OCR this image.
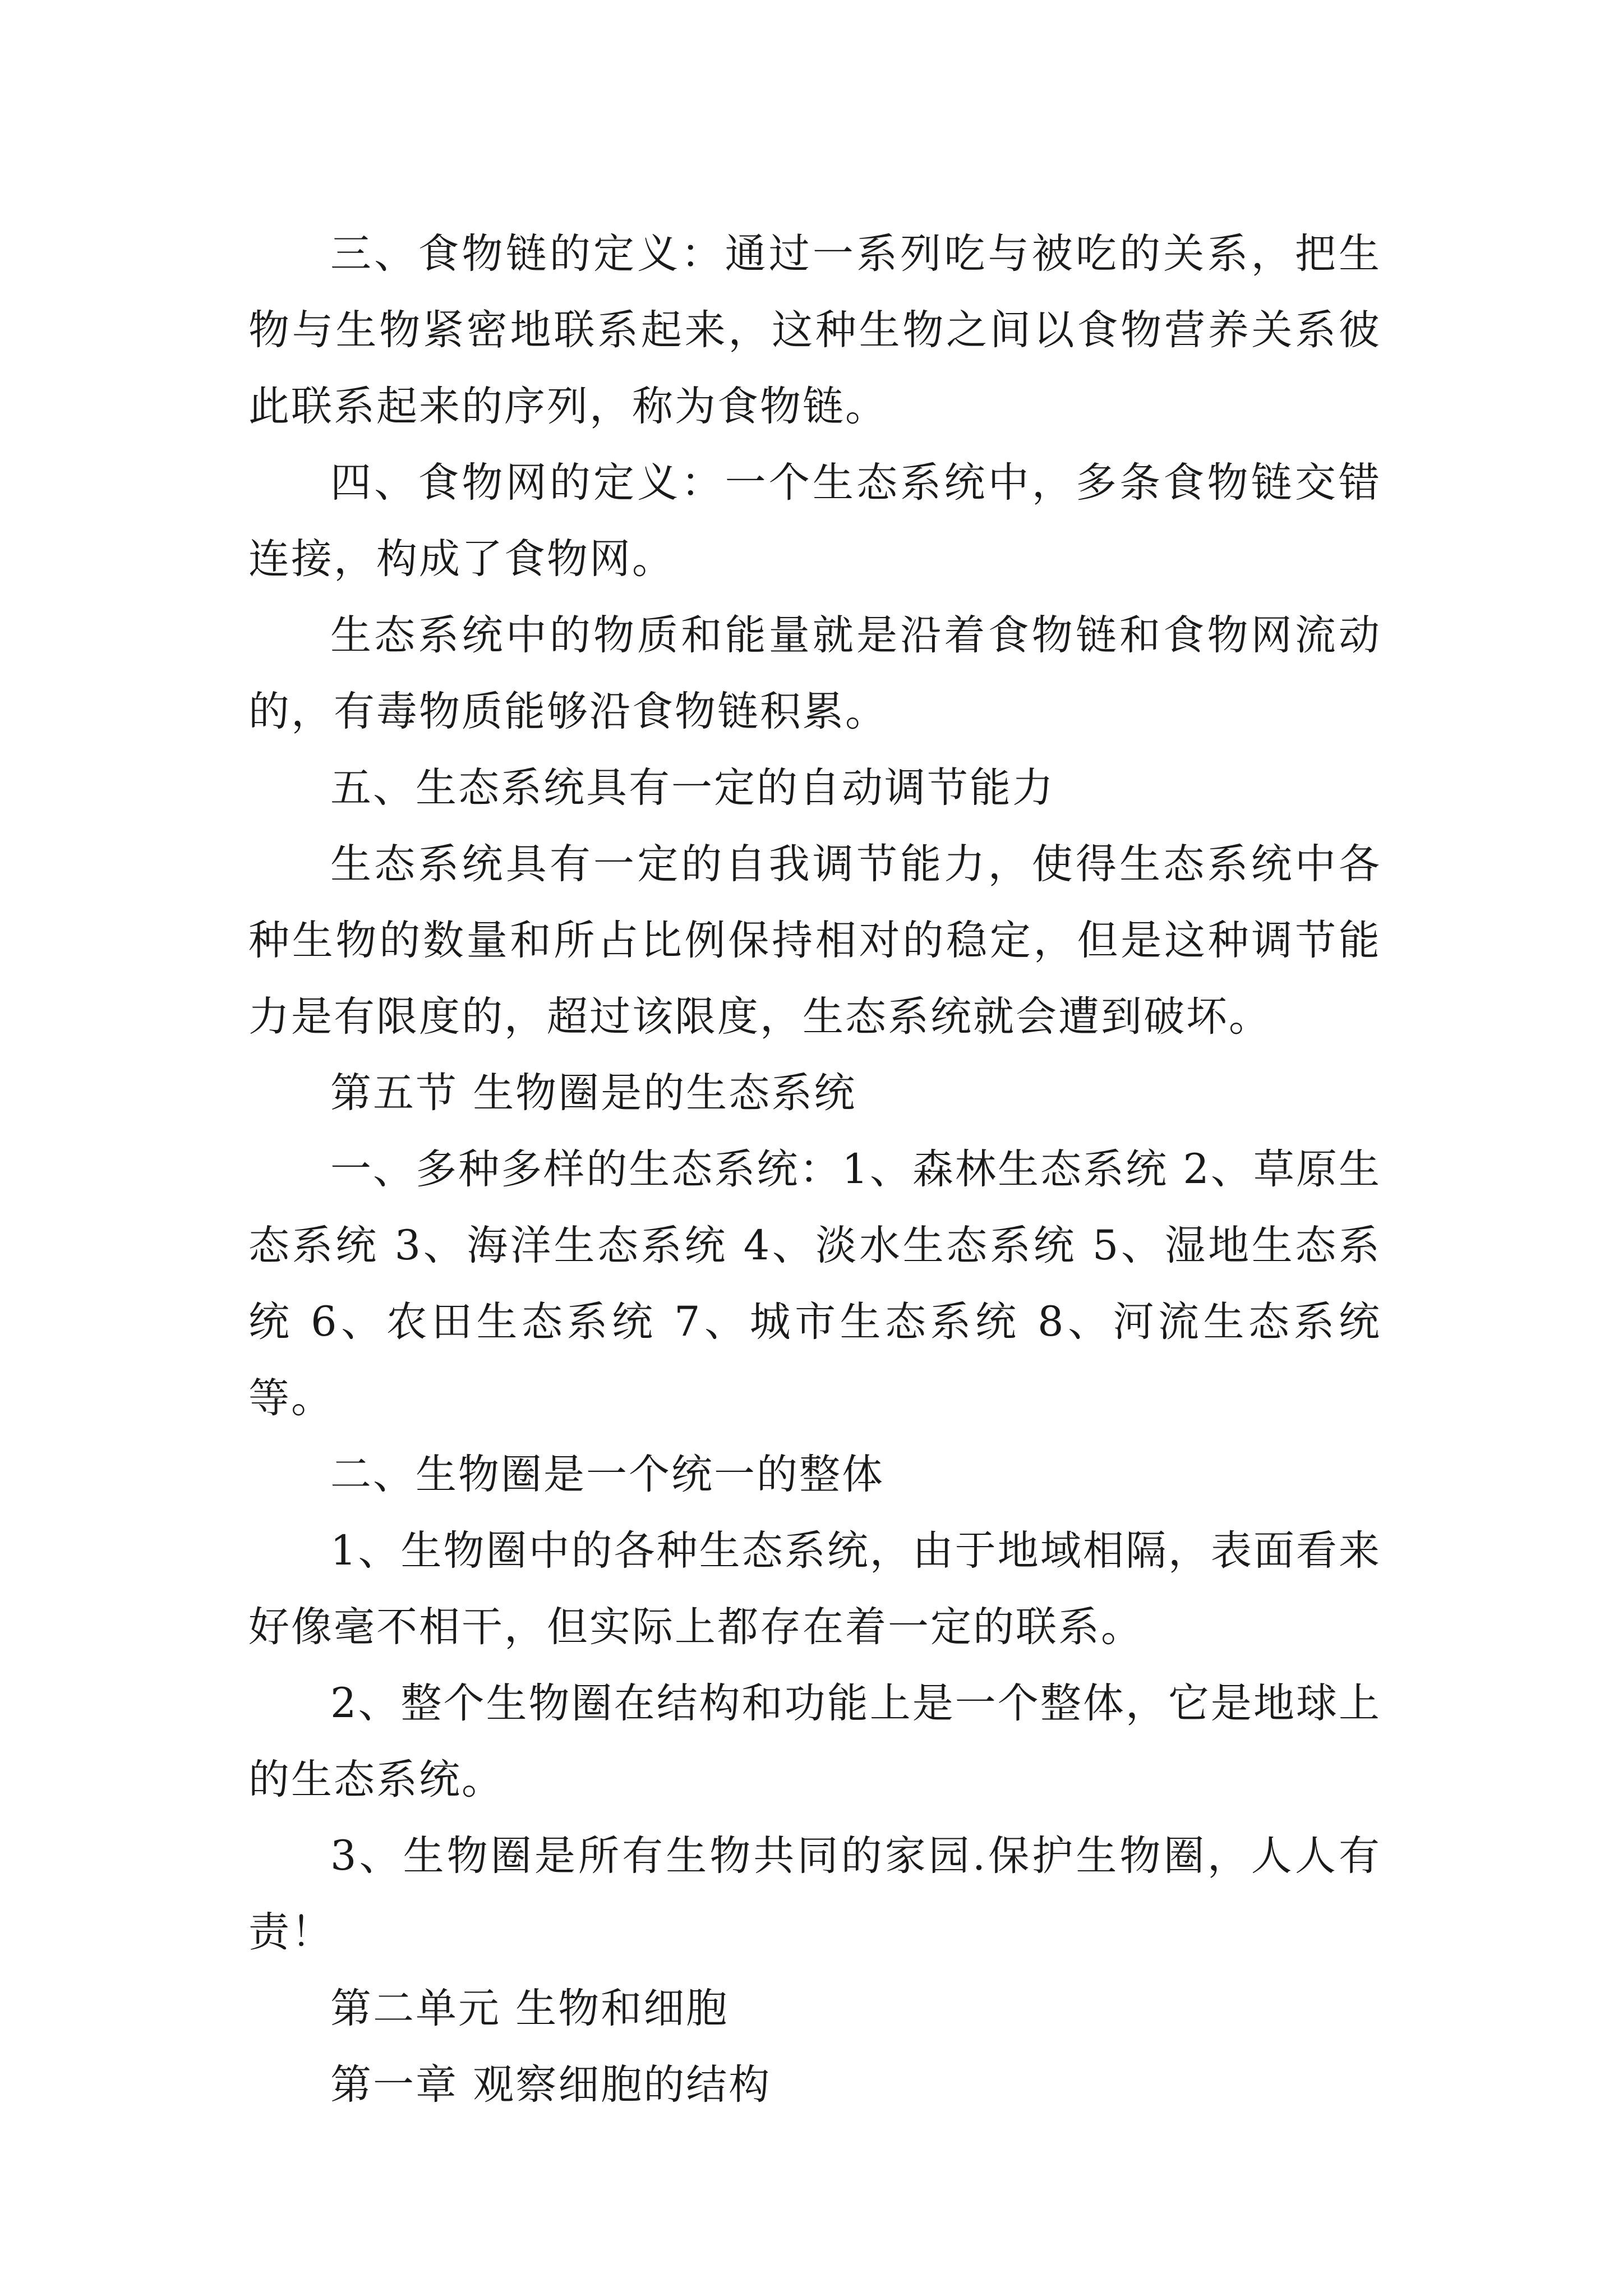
三、食物链的定义：通过一系列吃与被吃的关系，把生物与生物紧密地联系起来，这种生物之间以食物营养关系彼此联系起来的序列，称为食物链。

四、食物网的定义：一个生态系统中，多条食物链交错连接，构成了食物网。

生态系统中的物质和能量就是沿着食物链和食物网流动的，有毒物质能够沿食物链积累。

五、生态系统具有一定的自动调节能力

生态系统具有一定的自我调节能力，使得生态系统中各种生物的数量和所占比例保持相对的稳定，但是这种调节能力是有限度的，超过该限度，生态系统就会遭到破坏。

第五节 生物圈是的生态系统

一、多种多样的生态系统：1、森林生态系统 2、草原生态系统 3、海洋生态系统 4、淡水生态系统 5、湿地生态系统 6、农田生态系统 7、城市生态系统 8、河流生态系统等。

二、生物圈是一个统一的整体

1、生物圈中的各种生态系统，由于地域相隔，表面看来好像毫不相干，但实际上都存在着一定的联系。

2、整个生物圈在结构和功能上是一个整体，它是地球上的生态系统。

3、生物圈是所有生物共同的家园.保护生物圈，人人有责！

第二单元 生物和细胞

第一章 观察细胞的结构
